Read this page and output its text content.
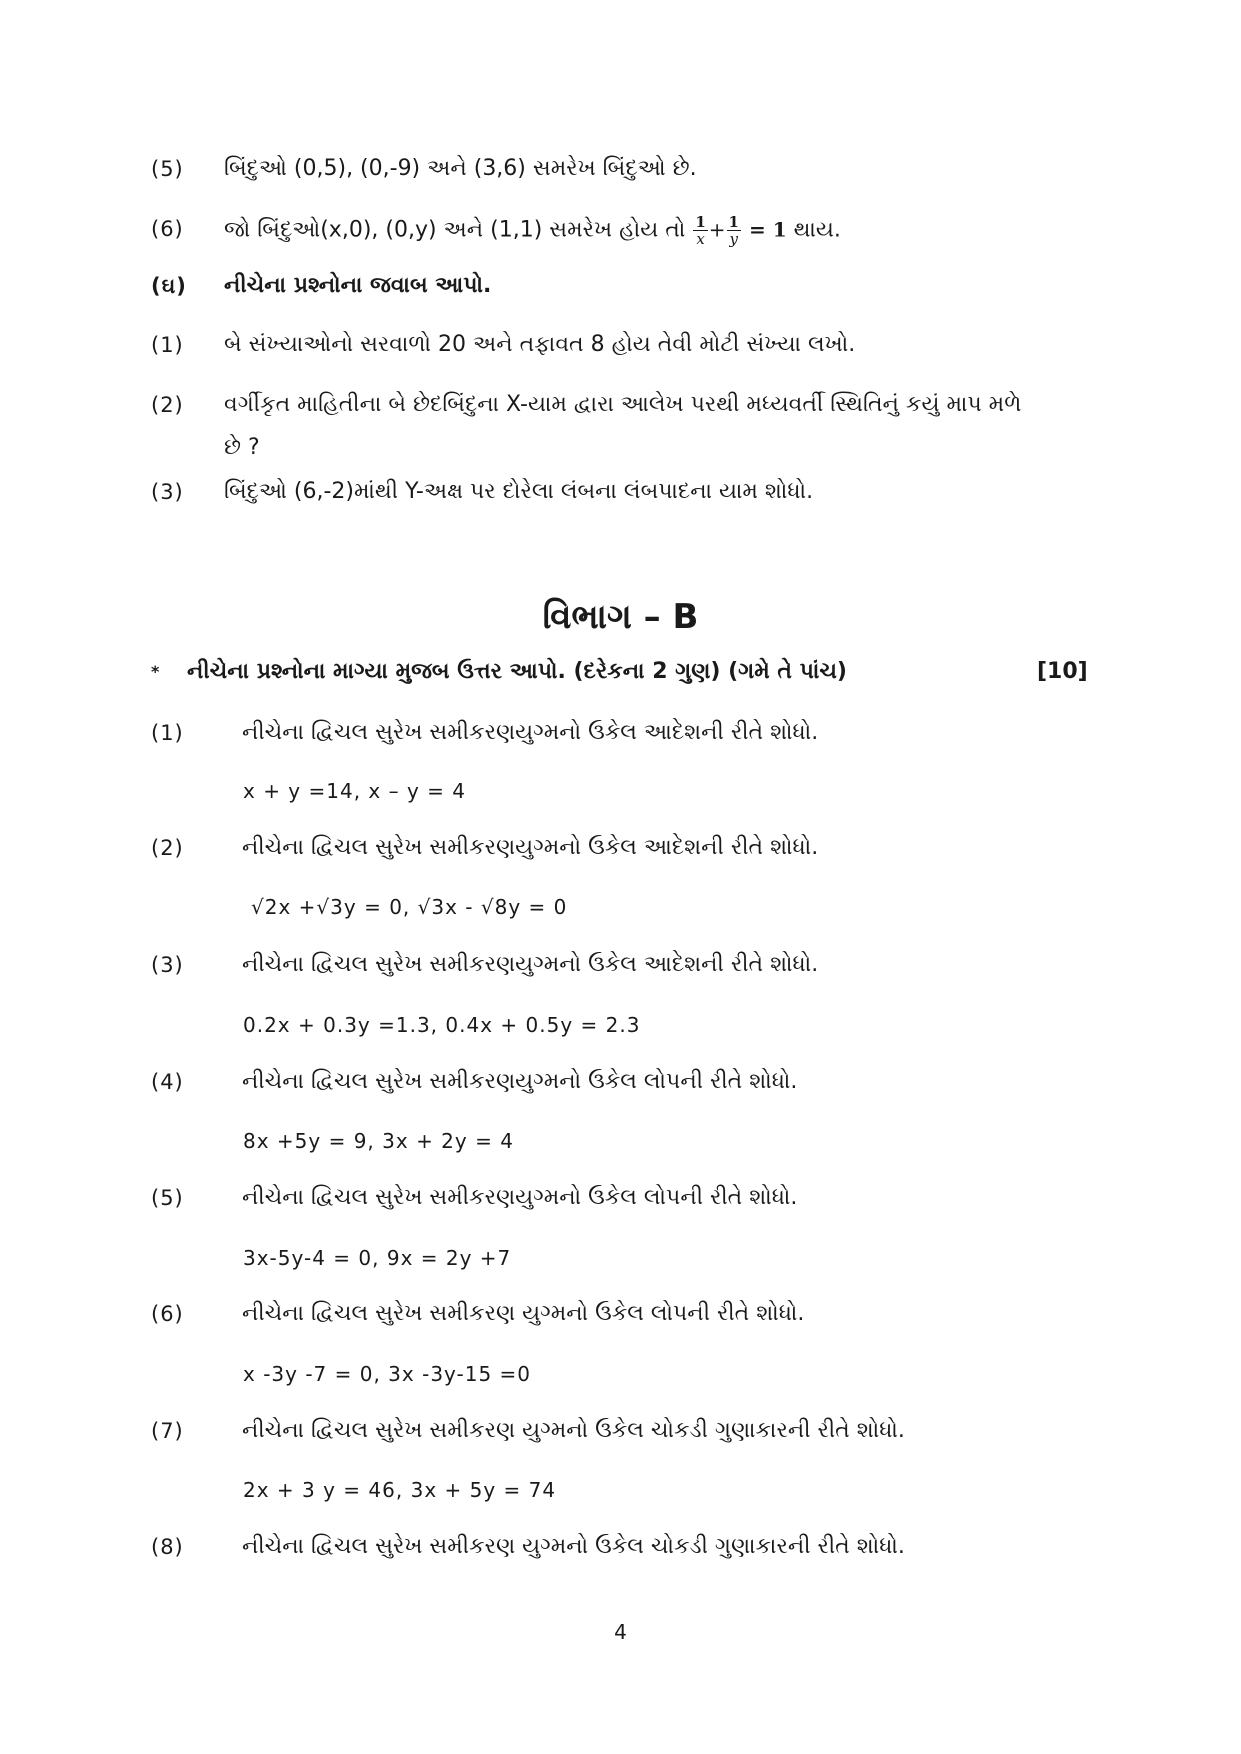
(5) બિંદુઓ (0,5), (0,-9) અને (3,6) સમરેખ બિંદુઓ છે.
(6) જો બિંદુઓ(x,0), (0,y) અને (1,1) સમરેખ હોય તો $\frac{1}{x} + \frac{1}{y} = 1$ થાય.
(ઘ) નીચેના પ્રશ્નોના જવાબ આપો.
(1) બે સંખ્યાઓનો સરવાળો 20 અને તફાવત 8 હોય તેવી મોટી સંખ્યા લખો.
(2) વર્ગીકૃત માહિતીના બે છેદબિંદુના X-યામ દ્વારા આલેખ પરથી મધ્યવર્તી સ્થિતિનું કયું માપ મળે
છે ?
(3) બિંદુઓ (6,-2)માંથી Y-અક્ષ પર દોરેલા લંબના લંબપાદના યામ શોધો.
વિભાગ – B
* નીચેના પ્રશ્નોના માગ્યા મુજબ ઉત્તર આપો. (દરેકના 2 ગુણ) (ગમે તે પાંચ)	[10]
(1)	નીચેના દ્વિચલ સુરેખ સમીકરણયુગ્મનો ઉકેલ આદેશની રીતે શોધો.
x + y =14, x – y = 4
(2)	નીચેના દ્વિચલ સુરેખ સમીકરણયુગ્મનો ઉકેલ આદેશની રીતે શોધો.
√2x +√3y = 0, √3x - √8y = 0
(3)	નીચેના દ્વિચલ સુરેખ સમીકરણયુગ્મનો ઉકેલ આદેશની રીતે શોધો.
0.2x + 0.3y =1.3, 0.4x + 0.5y = 2.3
(4)	નીચેના દ્વિચલ સુરેખ સમીકરણયુગ્મનો ઉકેલ લોપની રીતે શોધો.
8x +5y = 9, 3x + 2y = 4
(5)	નીચેના દ્વિચલ સુરેખ સમીકરણયુગ્મનો ઉકેલ લોપની રીતે શોધો.
3x-5y-4 = 0, 9x = 2y +7
(6)	નીચેના દ્વિચલ સુરેખ સમીકરણ યુગ્મનો ઉકેલ લોપની રીતે શોધો.
x -3y -7 = 0, 3x -3y-15 =0
(7)	નીચેના દ્વિચલ સુરેખ સમીકરણ યુગ્મનો ઉકેલ ચોકડી ગુણાકારની રીતે શોધો.
2x + 3 y = 46, 3x + 5y = 74
(8)	નીચેના દ્વિચલ સુરેખ સમીકરણ યુગ્મનો ઉકેલ ચોકડી ગુણાકારની રીતે શોધો.
4
